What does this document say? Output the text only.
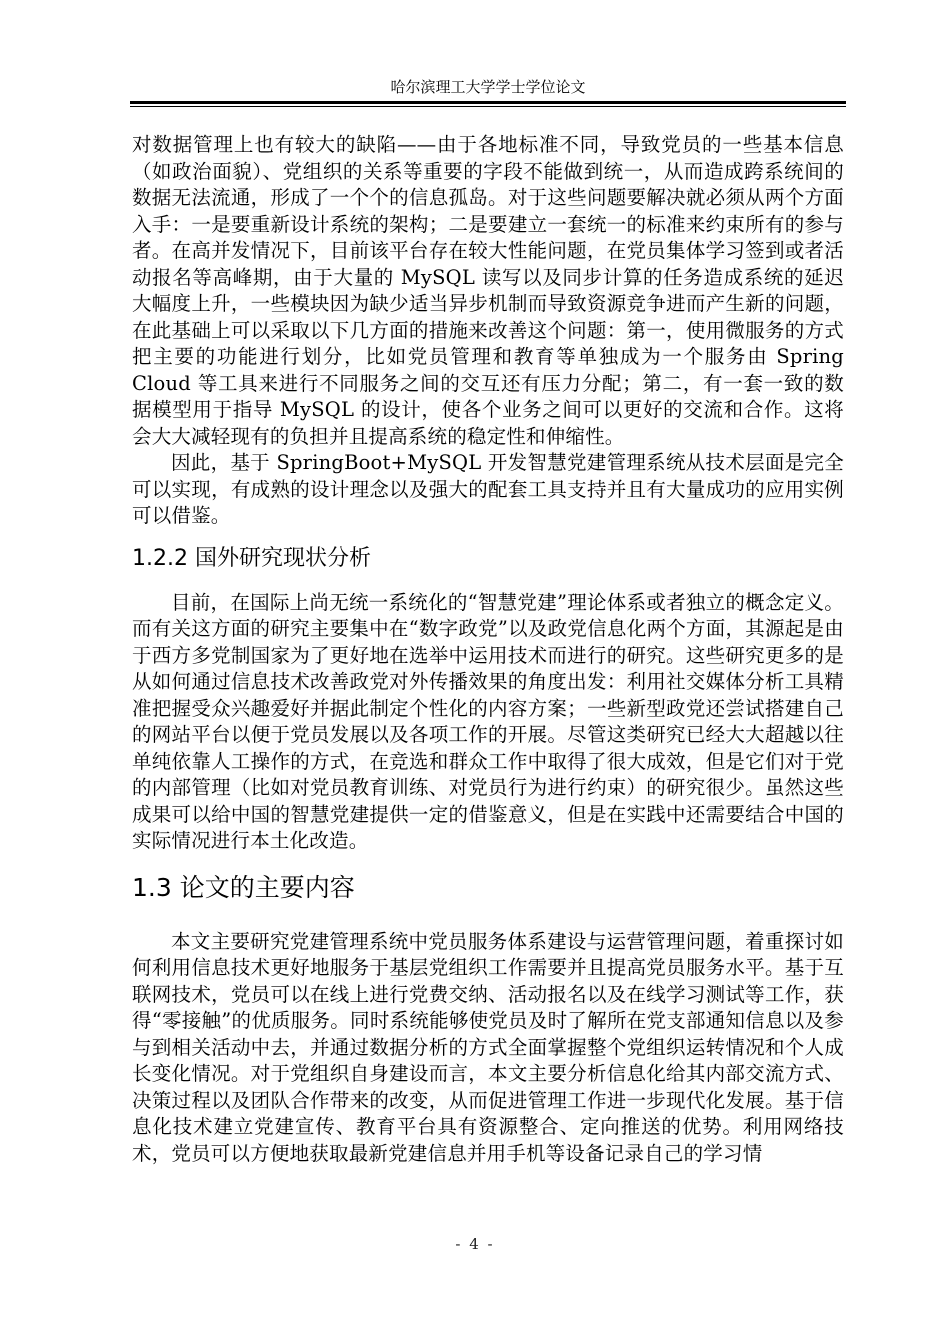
哈尔滨理工大学学士学位论文

对数据管理上也有较大的缺陷——由于各地标准不同，导致党员的一些基本信息（如政治面貌）、党组织的关系等重要的字段不能做到统一，从而造成跨系统间的数据无法流通，形成了一个个的信息孤岛。对于这些问题要解决就必须从两个方面入手：一是要重新设计系统的架构；二是要建立一套统一的标准来约束所有的参与者。在高并发情况下，目前该平台存在较大性能问题，在党员集体学习签到或者活动报名等高峰期，由于大量的 MySQL 读写以及同步计算的任务造成系统的延迟大幅度上升，一些模块因为缺少适当异步机制而导致资源竞争进而产生新的问题，在此基础上可以采取以下几方面的措施来改善这个问题：第一，使用微服务的方式把主要的功能进行划分，比如党员管理和教育等单独成为一个服务由 Spring Cloud 等工具来进行不同服务之间的交互还有压力分配；第二，有一套一致的数据模型用于指导 MySQL 的设计，使各个业务之间可以更好的交流和合作。这将会大大减轻现有的负担并且提高系统的稳定性和伸缩性。

因此，基于 SpringBoot+MySQL 开发智慧党建管理系统从技术层面是完全可以实现，有成熟的设计理念以及强大的配套工具支持并且有大量成功的应用实例可以借鉴。

1.2.2 国外研究现状分析

目前，在国际上尚无统一系统化的“智慧党建”理论体系或者独立的概念定义。而有关这方面的研究主要集中在“数字政党”以及政党信息化两个方面，其源起是由于西方多党制国家为了更好地在选举中运用技术而进行的研究。这些研究更多的是从如何通过信息技术改善政党对外传播效果的角度出发：利用社交媒体分析工具精准把握受众兴趣爱好并据此制定个性化的内容方案；一些新型政党还尝试搭建自己的网站平台以便于党员发展以及各项工作的开展。尽管这类研究已经大大超越以往单纯依靠人工操作的方式，在竞选和群众工作中取得了很大成效，但是它们对于党的内部管理（比如对党员教育训练、对党员行为进行约束）的研究很少。虽然这些成果可以给中国的智慧党建提供一定的借鉴意义，但是在实践中还需要结合中国的实际情况进行本土化改造。

1.3 论文的主要内容

本文主要研究党建管理系统中党员服务体系建设与运营管理问题，着重探讨如何利用信息技术更好地服务于基层党组织工作需要并且提高党员服务水平。基于互联网技术，党员可以在线上进行党费交纳、活动报名以及在线学习测试等工作，获得“零接触”的优质服务。同时系统能够使党员及时了解所在党支部通知信息以及参与到相关活动中去，并通过数据分析的方式全面掌握整个党组织运转情况和个人成长变化情况。对于党组织自身建设而言，本文主要分析信息化给其内部交流方式、决策过程以及团队合作带来的改变，从而促进管理工作进一步现代化发展。基于信息化技术建立党建宣传、教育平台具有资源整合、定向推送的优势。利用网络技术，党员可以方便地获取最新党建信息并用手机等设备记录自己的学习情

- 4 -
